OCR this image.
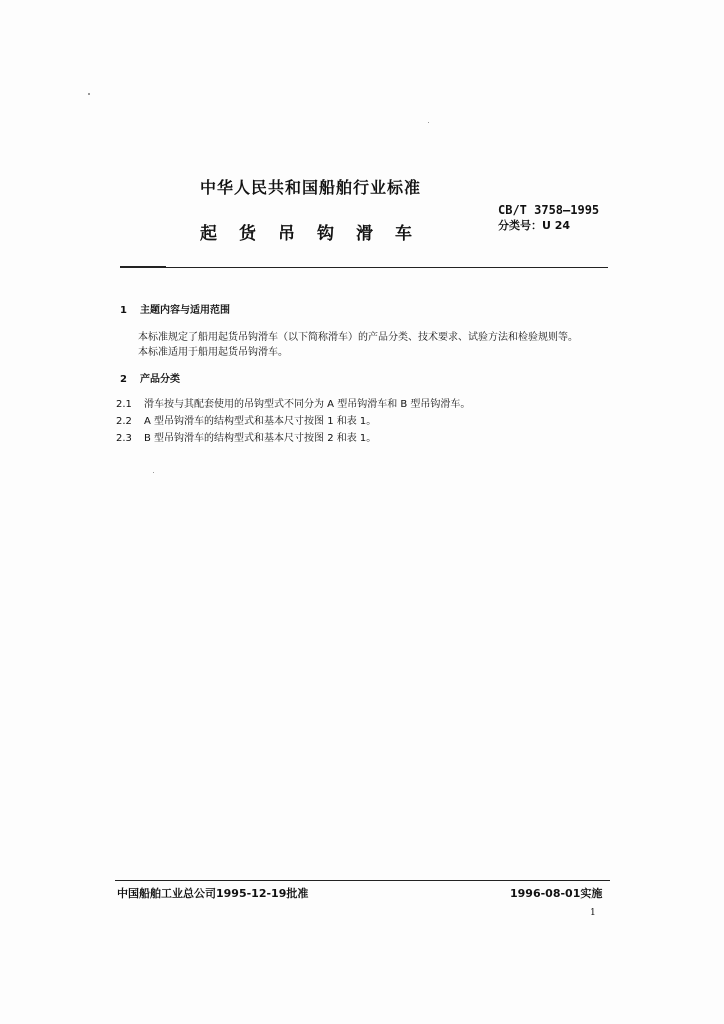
中华人民共和国船舶行业标准
起货吊钩滑车
CB/T 3758—1995
分类号：U 24
1 主题内容与适用范围
本标准规定了船用起货吊钩滑车（以下简称滑车）的产品分类、技术要求、试验方法和检验规则等。
本标准适用于船用起货吊钩滑车。
2 产品分类
2.1 滑车按与其配套使用的吊钩型式不同分为 A 型吊钩滑车和 B 型吊钩滑车。
2.2 A 型吊钩滑车的结构型式和基本尺寸按图 1 和表 1。
2.3 B 型吊钩滑车的结构型式和基本尺寸按图 2 和表 1。
中国船舶工业总公司1995-12-19批准	1996-08-01实施
1
